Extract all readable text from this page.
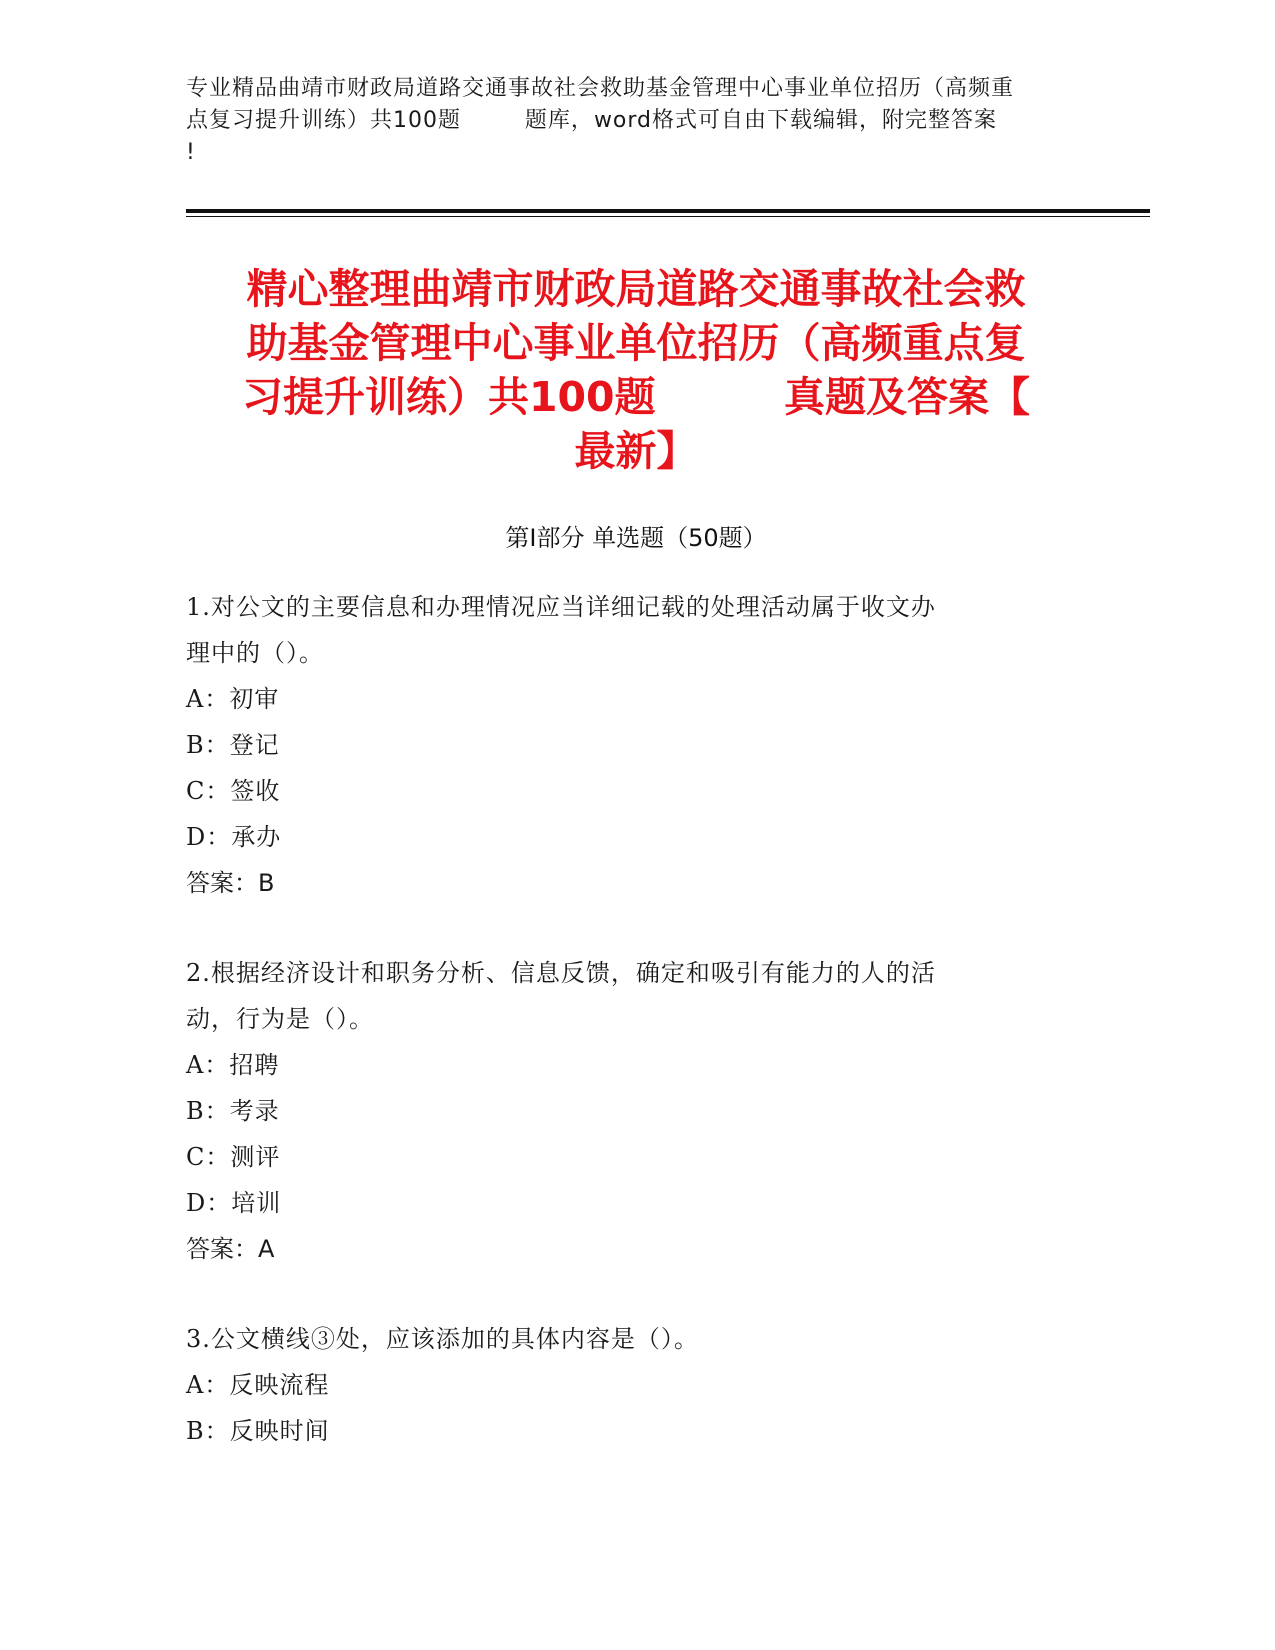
专业精品曲靖市财政局道路交通事故社会救助基金管理中心事业单位招历（高频重
点复习提升训练）共100题        题库，word格式可自由下载编辑，附完整答案
!
精心整理曲靖市财政局道路交通事故社会救
助基金管理中心事业单位招历（高频重点复
习提升训练）共100题         真题及答案【
最新】
第I部分 单选题（50题）
1.对公文的主要信息和办理情况应当详细记载的处理活动属于收文办
理中的（）。
A：初审
B：登记
C：签收
D：承办
答案：B
2.根据经济设计和职务分析、信息反馈，确定和吸引有能力的人的活
动，行为是（）。
A：招聘
B：考录
C：测评
D：培训
答案：A
3.公文横线③处，应该添加的具体内容是（）。
A：反映流程
B：反映时间
